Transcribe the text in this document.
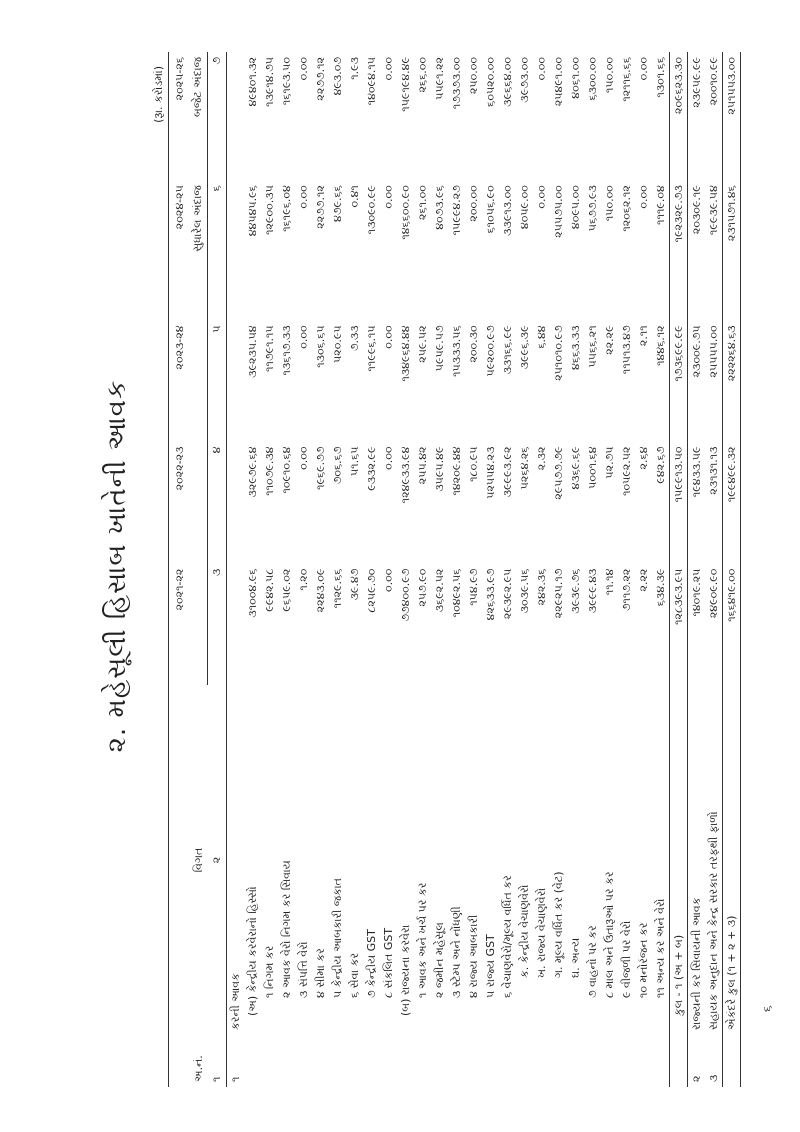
૨. મહેસૂલી હિસાબ ખાતેની આવક
(રૂા. કરોડમાં)
અ.નં.	વિગત	૨૦૨૧-૨૨	૨૦૨૨-૨૩	૨૦૨૩-૨૪	૨૦૨૪-૨૫	૨૦૨૫-૨૬
					સુધારેલ અંદાજ	બજેટ અંદાજ
૧	૨	૩	૪	૫	૬	૭
૧	કરની આવક					
	(અ) કેન્દ્રીય કરવેરાનો હિસ્સો	૩૧૦૦૪.૯૬	૩૨૯૭૯.૬૪	૩૯૨૩૫.૫૪	૪૪૫૪૫.૯૬	૪૯૪૦૧.૩૨
	૧ નિગમ કર	૯૯૪૨.૫૮	૧૧૦૭૯.૩૪	૧૧૭૯૧.૧૫	૧૨૯૦૦.૩૫	૧૩૯૧૪.૭૫
	૨ આવક વેરો નિગમ કર સિવાય	૯૬૫૯.૦૨	૧૦૯૧૦.૬૪	૧૩૬૧૭.૩૩	૧૬૧૯૬.૦૪	૧૬૧૯૩.૫૦
	૩ સંપત્તિ વેરો	૧.૨૦	૦.૦૦	૦.૦૦	૦.૦૦	૦.૦૦
	૪ સીમા કર	૨૨૪૩.૦૯	૧૯૬૯.૭૭	૧૩૦૬.૬૫	૨૨૭૭.૧૨	૨૨૭૭.૧૨
	૫ કેન્દ્રીય આબકારી જકાત	૧૧૨૯.૬૬	૭૦૬.૬૭	૫૨૦.૯૫	૪૭૯.૬૬	૪૯૩.૦૭
	૬ સેવા કર	૩૯.૪૭	૫૧.૬૫	૭.૩૩	૦.૪૧	૧.૯૩
	૭ કેન્દ્રીય GST	૮૨૫૯.૭૦	૯૩૩૨.૯૯	૧૧૯૯૬.૧૫	૧૩૦૯૦.૯૯	૧૪૦૯૪.૧૫
	૮ સંકલિત GST	૦.૦૦	૦.૦૦	૦.૦૦	૦.૦૦	૦.૦૦
	(બ) રાજ્યના કરવેરા	૭૭૪૦૦.૯૭	૧૨૪૯૩૩.૯૪	૧૩૪૯૬૪.૪૪	૧૪૬૬૦૦.૯૦	૧૫૯૧૯૪.૪૯
	૧ આવક અને ખર્ચ પર કર	૨૫૭.૯૦	૨૫૫.૪૨	૨૫૯.૫૨	૨૬૧.૦૦	૨૬૬.૦૦
	૨ જમીન મહેસૂલ	૩૬૯૨.૫૨	૩૫૯૫.૪૯	૫૯૫૯.૫૭	૪૦૭૩.૯૬	૫૫૯૧.૨૨
	૩ સ્ટેમ્પ અને નોંધણી	૧૦૪૯૨.૫૬	૧૪૨૦૯.૪૪	૧૫૩૩૩.૫૬	૧૫૯૯૪.૨૭	૧૭૩૭૩.૦૦
	૪ રાજ્ય આબકારી	૧૫૪.૯૭	૧૮૦.૯૫	૨૦૦.૩૦	૨૦૦.૦૦	૨૫૦.૦૦
	૫ રાજ્ય GST	૪૨૬૩૩.૯૭	૫૨૫૫૪.૨૩	૫૯૨૦૦.૯૭	૬૧૦૫૬.૯૦	૬૦૫૨૦.૦૦
	૬ વેચાણવેરો/મૂલ્ય વર્ધિત કર	૨૯૩૯૨.૯૫	૩૯૯૯૩.૯૨	૩૩૧૬૬.૯૯	૩૩૯૧૩.૦૦	૩૯૬૬૪.૦૦
	ક. કેન્દ્રીય વેચાણવેરો	૩૦૩૯.૫૬	૫૨૬૪.૨૬	૩૯૯૬.૩૯	૪૦૫૯.૦૦	૩૯૭૩.૦૦
	ખ. રાજ્ય વેચાણવેરો	૨૪૨.૩૬	૨.૩૨	૬.૪૪	૦.૦૦	૦.૦૦
	ગ. મૂલ્ય વર્ધિત કર (વેટ)	૨૨૯૨૫.૧૭	૨૯૫૭૭.૭૯	૨૫૧૦૧૦.૯૭	૨૫૫૭૫.૦૦	૨૫૪૯૧.૦૦
	ઘ. અન્ય	૩૯૩૯.૭૬	૪૩૬૯.૬૯	૪૬૬૩.૩૩	૪૦૯૫.૦૦	૪૦૬૧.૦૦
	૭ વાહનો પર કર	૩૯૯૯.૪૩	૫૦૦૧.૬૪	૫૫૬૬.૨૧	૫૬૭૭.૯૩	૬૩૦૦.૦૦
	૮ માલ અને ઉતારૂઓ પર કર	૧૧.૧૪	૫૨.૭૫	૨૨.૨૯	૧૫૦.૦૦	૧૫૦.૦૦
	૯ વીજળી પર વેરો	૭૧૧૭.૨૨	૧૦૫૯૨.૫૨	૧૧૫૧૩.૪૭	૧૨૦૬૨.૧૨	૧૨૧૧૬.૬૬
	૧૦ મનોરંજન કર	૨.૨૨	૨.૬૪	૨.૧૧	૦.૦૦	૦.૦૦
	૧૧ અન્ય કર અને વેરો	૬૩૪.૩૯	૯૪૨.૬૭	૧૪૪૬.૧૨	૧૧૧૯.૦૪	૧૩૦૧.૬૬
	કુલ - ૧ (અ + બ)	૧૨૮૩૯૩.૯૫	૧૫૯૯૧૩.૫૦	૧૭૩૬૯૯.૯૯	૧૯૨૩૨૯.૭૩	૨૦૯૬૨૩.૩૦
૨	રાજ્યની કર સિવાયની આવક	૧૪૦૧૯.૨૫	૧૯૪૩૩.૫૯	૨૩૦૦૯.૭૫	૨૦૩૦૯.૧૯	૨૩૯૫૯.૯૯
૩	સહાયક અનુદાન અને કેન્દ્ર સરકાર તરફથી ફાળો	૨૪૯૦૯.૯૦	૨૩૧૩૧.૧૩	૨૫૫૫૫.૦૦	૧૯૯૩૯.૫૪	૨૦૦૧૦.૯૯
	એકંદરે કુલ (૧ + ૨ + ૩)	૧૬૬૪૧૯.૦૦	૧૯૯૪૯૯.૩૨	૨૨૨૨૬૪.૬૩	૨૩૧૫૭૧.૪૬	૨૫૧૫૫૩.૦૦
૬
